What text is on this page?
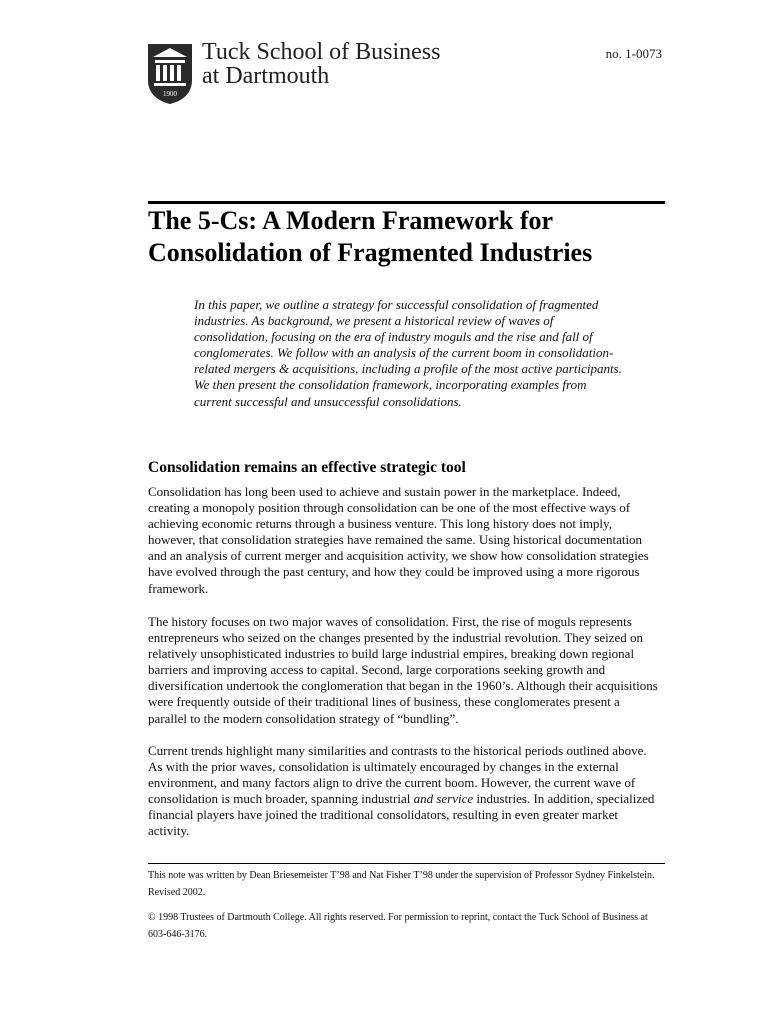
1900
Tuck School of Business
at Dartmouth
no. 1-0073
The 5-Cs: A Modern Framework for Consolidation of Fragmented Industries

In this paper, we outline a strategy for successful consolidation of fragmented industries. As background, we present a historical review of waves of consolidation, focusing on the era of industry moguls and the rise and fall of conglomerates. We follow with an analysis of the current boom in consolidation-related mergers & acquisitions, including a profile of the most active participants. We then present the consolidation framework, incorporating examples from current successful and unsuccessful consolidations.

Consolidation remains an effective strategic tool

Consolidation has long been used to achieve and sustain power in the marketplace. Indeed, creating a monopoly position through consolidation can be one of the most effective ways of achieving economic returns through a business venture. This long history does not imply, however, that consolidation strategies have remained the same. Using historical documentation and an analysis of current merger and acquisition activity, we show how consolidation strategies have evolved through the past century, and how they could be improved using a more rigorous framework.

The history focuses on two major waves of consolidation. First, the rise of moguls represents entrepreneurs who seized on the changes presented by the industrial revolution. They seized on relatively unsophisticated industries to build large industrial empires, breaking down regional barriers and improving access to capital. Second, large corporations seeking growth and diversification undertook the conglomeration that began in the 1960’s. Although their acquisitions were frequently outside of their traditional lines of business, these conglomerates present a parallel to the modern consolidation strategy of “bundling”.

Current trends highlight many similarities and contrasts to the historical periods outlined above. As with the prior waves, consolidation is ultimately encouraged by changes in the external environment, and many factors align to drive the current boom. However, the current wave of consolidation is much broader, spanning industrial and service industries. In addition, specialized financial players have joined the traditional consolidators, resulting in even greater market activity.

This note was written by Dean Briesemeister T’98 and Nat Fisher T’98 under the supervision of Professor Sydney Finkelstein. Revised 2002.

© 1998 Trustees of Dartmouth College. All rights reserved. For permission to reprint, contact the Tuck School of Business at 603-646-3176.
